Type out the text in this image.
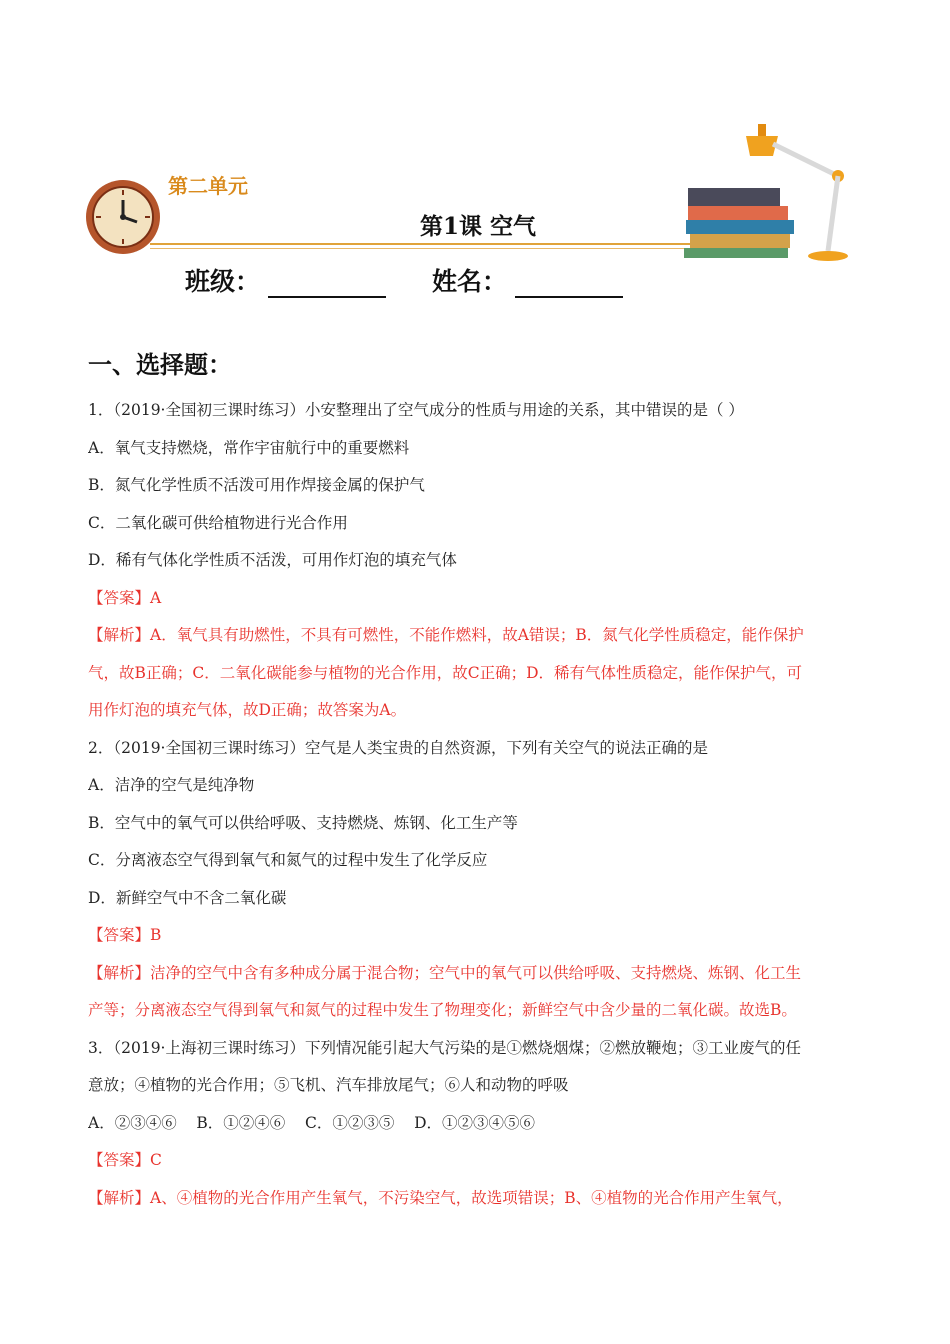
第二单元
第1课 空气
班级：	姓名：
一、选择题：
1．（2019·全国初三课时练习）小安整理出了空气成分的性质与用途的关系，其中错误的是（ ）
A．氧气支持燃烧，常作宇宙航行中的重要燃料
B．氮气化学性质不活泼可用作焊接金属的保护气
C．二氧化碳可供给植物进行光合作用
D．稀有气体化学性质不活泼，可用作灯泡的填充气体
【答案】A
【解析】A．氧气具有助燃性，不具有可燃性，不能作燃料，故A错误；B．氮气化学性质稳定，能作保护
气，故B正确；C．二氧化碳能参与植物的光合作用，故C正确；D．稀有气体性质稳定，能作保护气，可
用作灯泡的填充气体，故D正确；故答案为A。
2．（2019·全国初三课时练习）空气是人类宝贵的自然资源，下列有关空气的说法正确的是
A．洁净的空气是纯净物
B．空气中的氧气可以供给呼吸、支持燃烧、炼钢、化工生产等
C．分离液态空气得到氧气和氮气的过程中发生了化学反应
D．新鲜空气中不含二氧化碳
【答案】B
【解析】洁净的空气中含有多种成分属于混合物；空气中的氧气可以供给呼吸、支持燃烧、炼钢、化工生
产等；分离液态空气得到氧气和氮气的过程中发生了物理变化；新鲜空气中含少量的二氧化碳。故选B。
3．（2019·上海初三课时练习）下列情况能引起大气污染的是①燃烧烟煤；②燃放鞭炮；③工业废气的任
意放；④植物的光合作用；⑤飞机、汽车排放尾气；⑥人和动物的呼吸
A．②③④⑥    B．①②④⑥    C．①②③⑤    D．①②③④⑤⑥
【答案】C
【解析】A、④植物的光合作用产生氧气，不污染空气，故选项错误；B、④植物的光合作用产生氧气，
